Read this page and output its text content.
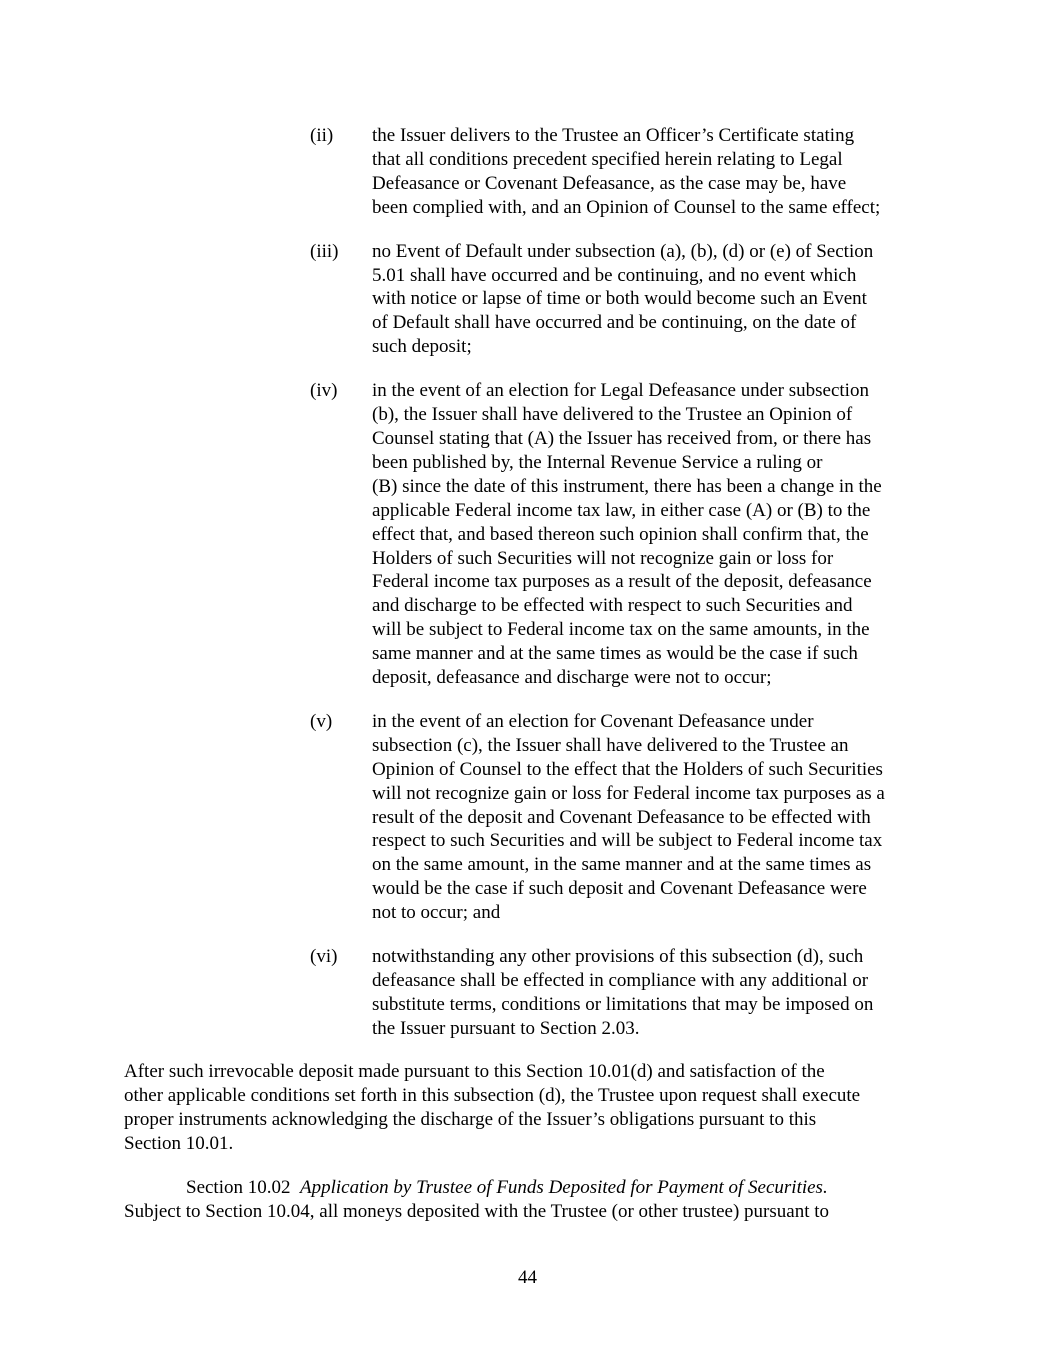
(ii)	the Issuer delivers to the Trustee an Officer’s Certificate stating
that all conditions precedent specified herein relating to Legal
Defeasance or Covenant Defeasance, as the case may be, have
been complied with, and an Opinion of Counsel to the same effect;
(iii)	no Event of Default under subsection (a), (b), (d) or (e) of Section
5.01 shall have occurred and be continuing, and no event which
with notice or lapse of time or both would become such an Event
of Default shall have occurred and be continuing, on the date of
such deposit;
(iv)	in the event of an election for Legal Defeasance under subsection
(b), the Issuer shall have delivered to the Trustee an Opinion of
Counsel stating that (A) the Issuer has received from, or there has
been published by, the Internal Revenue Service a ruling or
(B) since the date of this instrument, there has been a change in the
applicable Federal income tax law, in either case (A) or (B) to the
effect that, and based thereon such opinion shall confirm that, the
Holders of such Securities will not recognize gain or loss for
Federal income tax purposes as a result of the deposit, defeasance
and discharge to be effected with respect to such Securities and
will be subject to Federal income tax on the same amounts, in the
same manner and at the same times as would be the case if such
deposit, defeasance and discharge were not to occur;
(v)	in the event of an election for Covenant Defeasance under
subsection (c), the Issuer shall have delivered to the Trustee an
Opinion of Counsel to the effect that the Holders of such Securities
will not recognize gain or loss for Federal income tax purposes as a
result of the deposit and Covenant Defeasance to be effected with
respect to such Securities and will be subject to Federal income tax
on the same amount, in the same manner and at the same times as
would be the case if such deposit and Covenant Defeasance were
not to occur; and
(vi)	notwithstanding any other provisions of this subsection (d), such
defeasance shall be effected in compliance with any additional or
substitute terms, conditions or limitations that may be imposed on
the Issuer pursuant to Section 2.03.

After such irrevocable deposit made pursuant to this Section 10.01(d) and satisfaction of the
other applicable conditions set forth in this subsection (d), the Trustee upon request shall execute
proper instruments acknowledging the discharge of the Issuer’s obligations pursuant to this
Section 10.01.

Section 10.02 Application by Trustee of Funds Deposited for Payment of Securities.
Subject to Section 10.04, all moneys deposited with the Trustee (or other trustee) pursuant to
44
